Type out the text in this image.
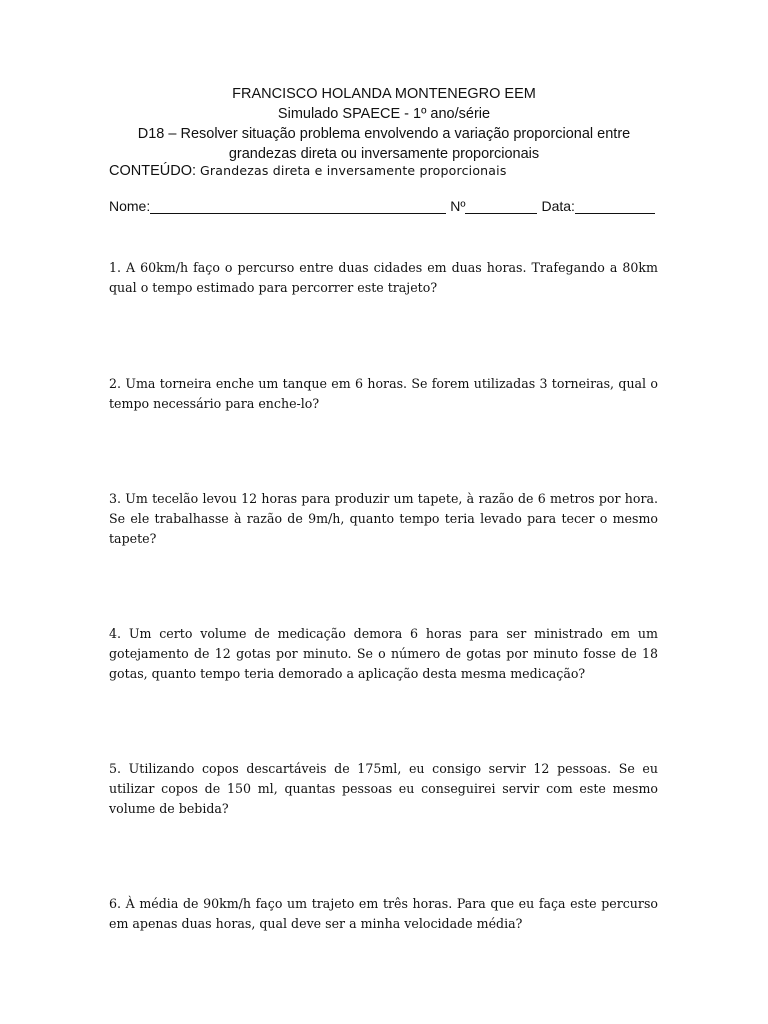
FRANCISCO HOLANDA MONTENEGRO EEM
Simulado SPAECE - 1º ano/série
D18 – Resolver situação problema envolvendo a variação proporcional entre
grandezas direta ou inversamente proporcionais
CONTEÚDO: Grandezas direta e inversamente proporcionais
Nome:	Nº	Data:
1. A 60km/h faço o percurso entre duas cidades em duas horas. Trafegando a 80km qual o tempo estimado para percorrer este trajeto?
2. Uma torneira enche um tanque em 6 horas. Se forem utilizadas 3 torneiras, qual o tempo necessário para enche-lo?
3. Um tecelão levou 12 horas para produzir um tapete, à razão de 6 metros por hora. Se ele trabalhasse à razão de 9m/h, quanto tempo teria levado para tecer o mesmo tapete?
4. Um certo volume de medicação demora 6 horas para ser ministrado em um gotejamento de 12 gotas por minuto. Se o número de gotas por minuto fosse de 18 gotas, quanto tempo teria demorado a aplicação desta mesma medicação?
5. Utilizando copos descartáveis de 175ml, eu consigo servir 12 pessoas. Se eu utilizar copos de 150 ml, quantas pessoas eu conseguirei servir com este mesmo volume de bebida?
6. À média de 90km/h faço um trajeto em três horas. Para que eu faça este percurso em apenas duas horas, qual deve ser a minha velocidade média?
